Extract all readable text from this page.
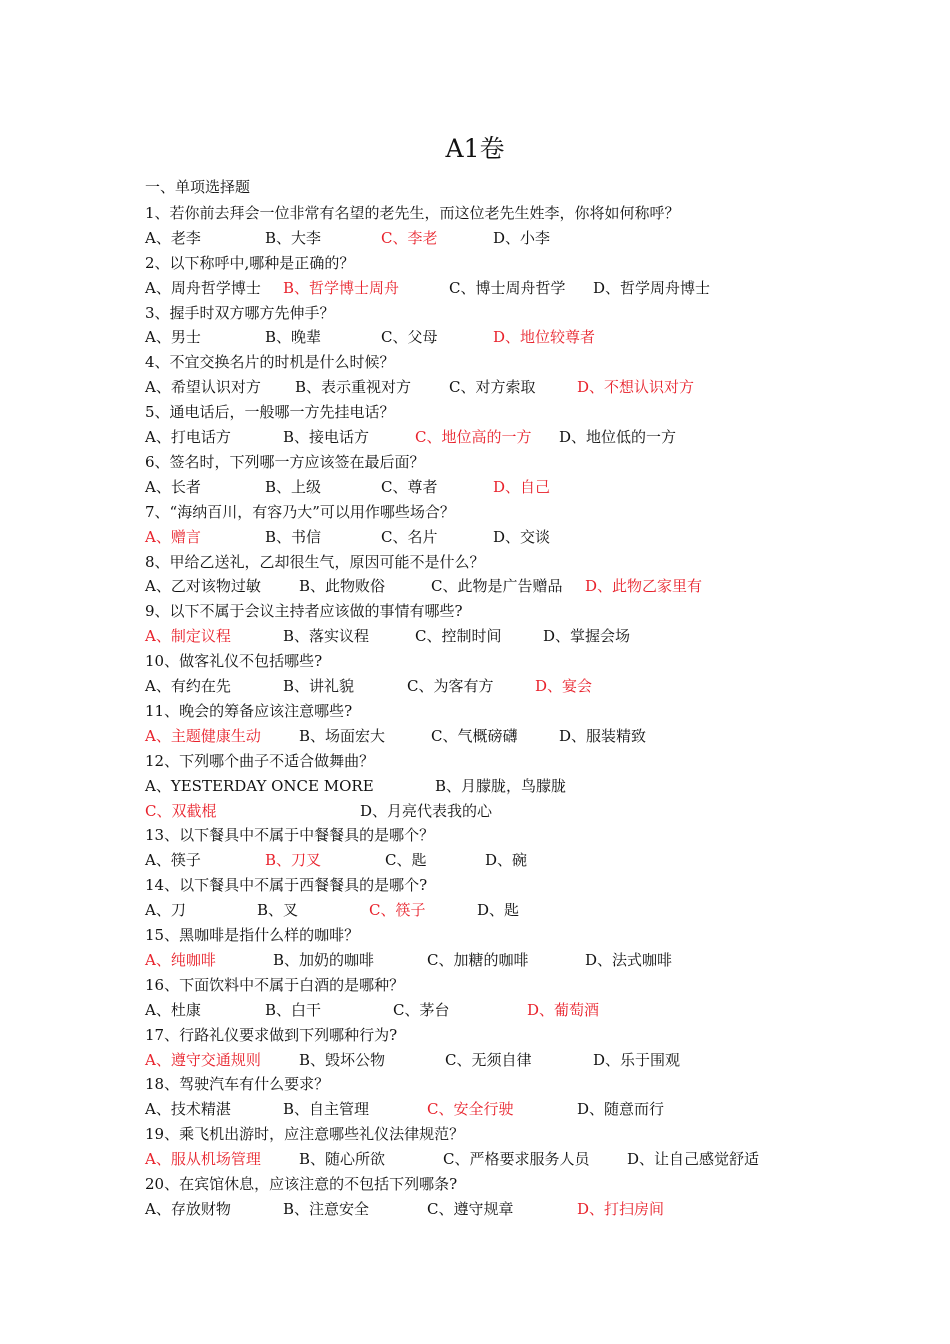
A1卷
一、单项选择题
1、若你前去拜会一位非常有名望的老先生，而这位老先生姓李，你将如何称呼？
A、老李	B、大李	C、李老	D、小李
2、以下称呼中,哪种是正确的？
A、周舟哲学博士 B、哲学博士周舟	C、博士周舟哲学 D、哲学周舟博士
3、握手时双方哪方先伸手？
A、男士	B、晚辈	C、父母	D、地位较尊者
4、不宜交换名片的时机是什么时候？
A、希望认识对方 B、表示重视对方	C、对方索取	D、不想认识对方
5、通电话后，一般哪一方先挂电话？
A、打电话方	B、接电话方	C、地位高的一方 D、地位低的一方
6、签名时，下列哪一方应该签在最后面？
A、长者	B、上级	C、尊者	D、自己
7、“海纳百川，有容乃大”可以用作哪些场合？
A、赠言	B、书信	C、名片	D、交谈
8、甲给乙送礼，乙却很生气，原因可能不是什么？
A、乙对该物过敏	B、此物败俗	C、此物是广告赠品 D、此物乙家里有
9、以下不属于会议主持者应该做的事情有哪些?
A、制定议程	B、落实议程	C、控制时间	D、掌握会场
10、做客礼仪不包括哪些?
A、有约在先	B、讲礼貌	C、为客有方	D、宴会
11、晚会的筹备应该注意哪些?
A、主题健康生动	B、场面宏大	C、气概磅礴	D、服装精致
12、下列哪个曲子不适合做舞曲？
A、YESTERDAY ONCE MORE	B、月朦胧，鸟朦胧
C、双截棍	D、月亮代表我的心
13、以下餐具中不属于中餐餐具的是哪个？
A、筷子	B、刀叉	C、匙	D、碗
14、以下餐具中不属于西餐餐具的是哪个?
A、刀	B、叉	C、筷子	D、匙
15、黑咖啡是指什么样的咖啡？
A、纯咖啡	B、加奶的咖啡	C、加糖的咖啡	D、法式咖啡
16、下面饮料中不属于白酒的是哪种？
A、杜康	B、白干	C、茅台	D、葡萄酒
17、行路礼仪要求做到下列哪种行为?
A、遵守交通规则	B、毁坏公物	C、无须自律	D、乐于围观
18、驾驶汽车有什么要求？
A、技术精湛	B、自主管理	C、安全行驶	D、随意而行
19、乘飞机出游时，应注意哪些礼仪法律规范？
A、服从机场管理	B、随心所欲	C、严格要求服务人员	D、让自己感觉舒适
20、在宾馆休息，应该注意的不包括下列哪条?
A、存放财物	B、注意安全	C、遵守规章	D、打扫房间
